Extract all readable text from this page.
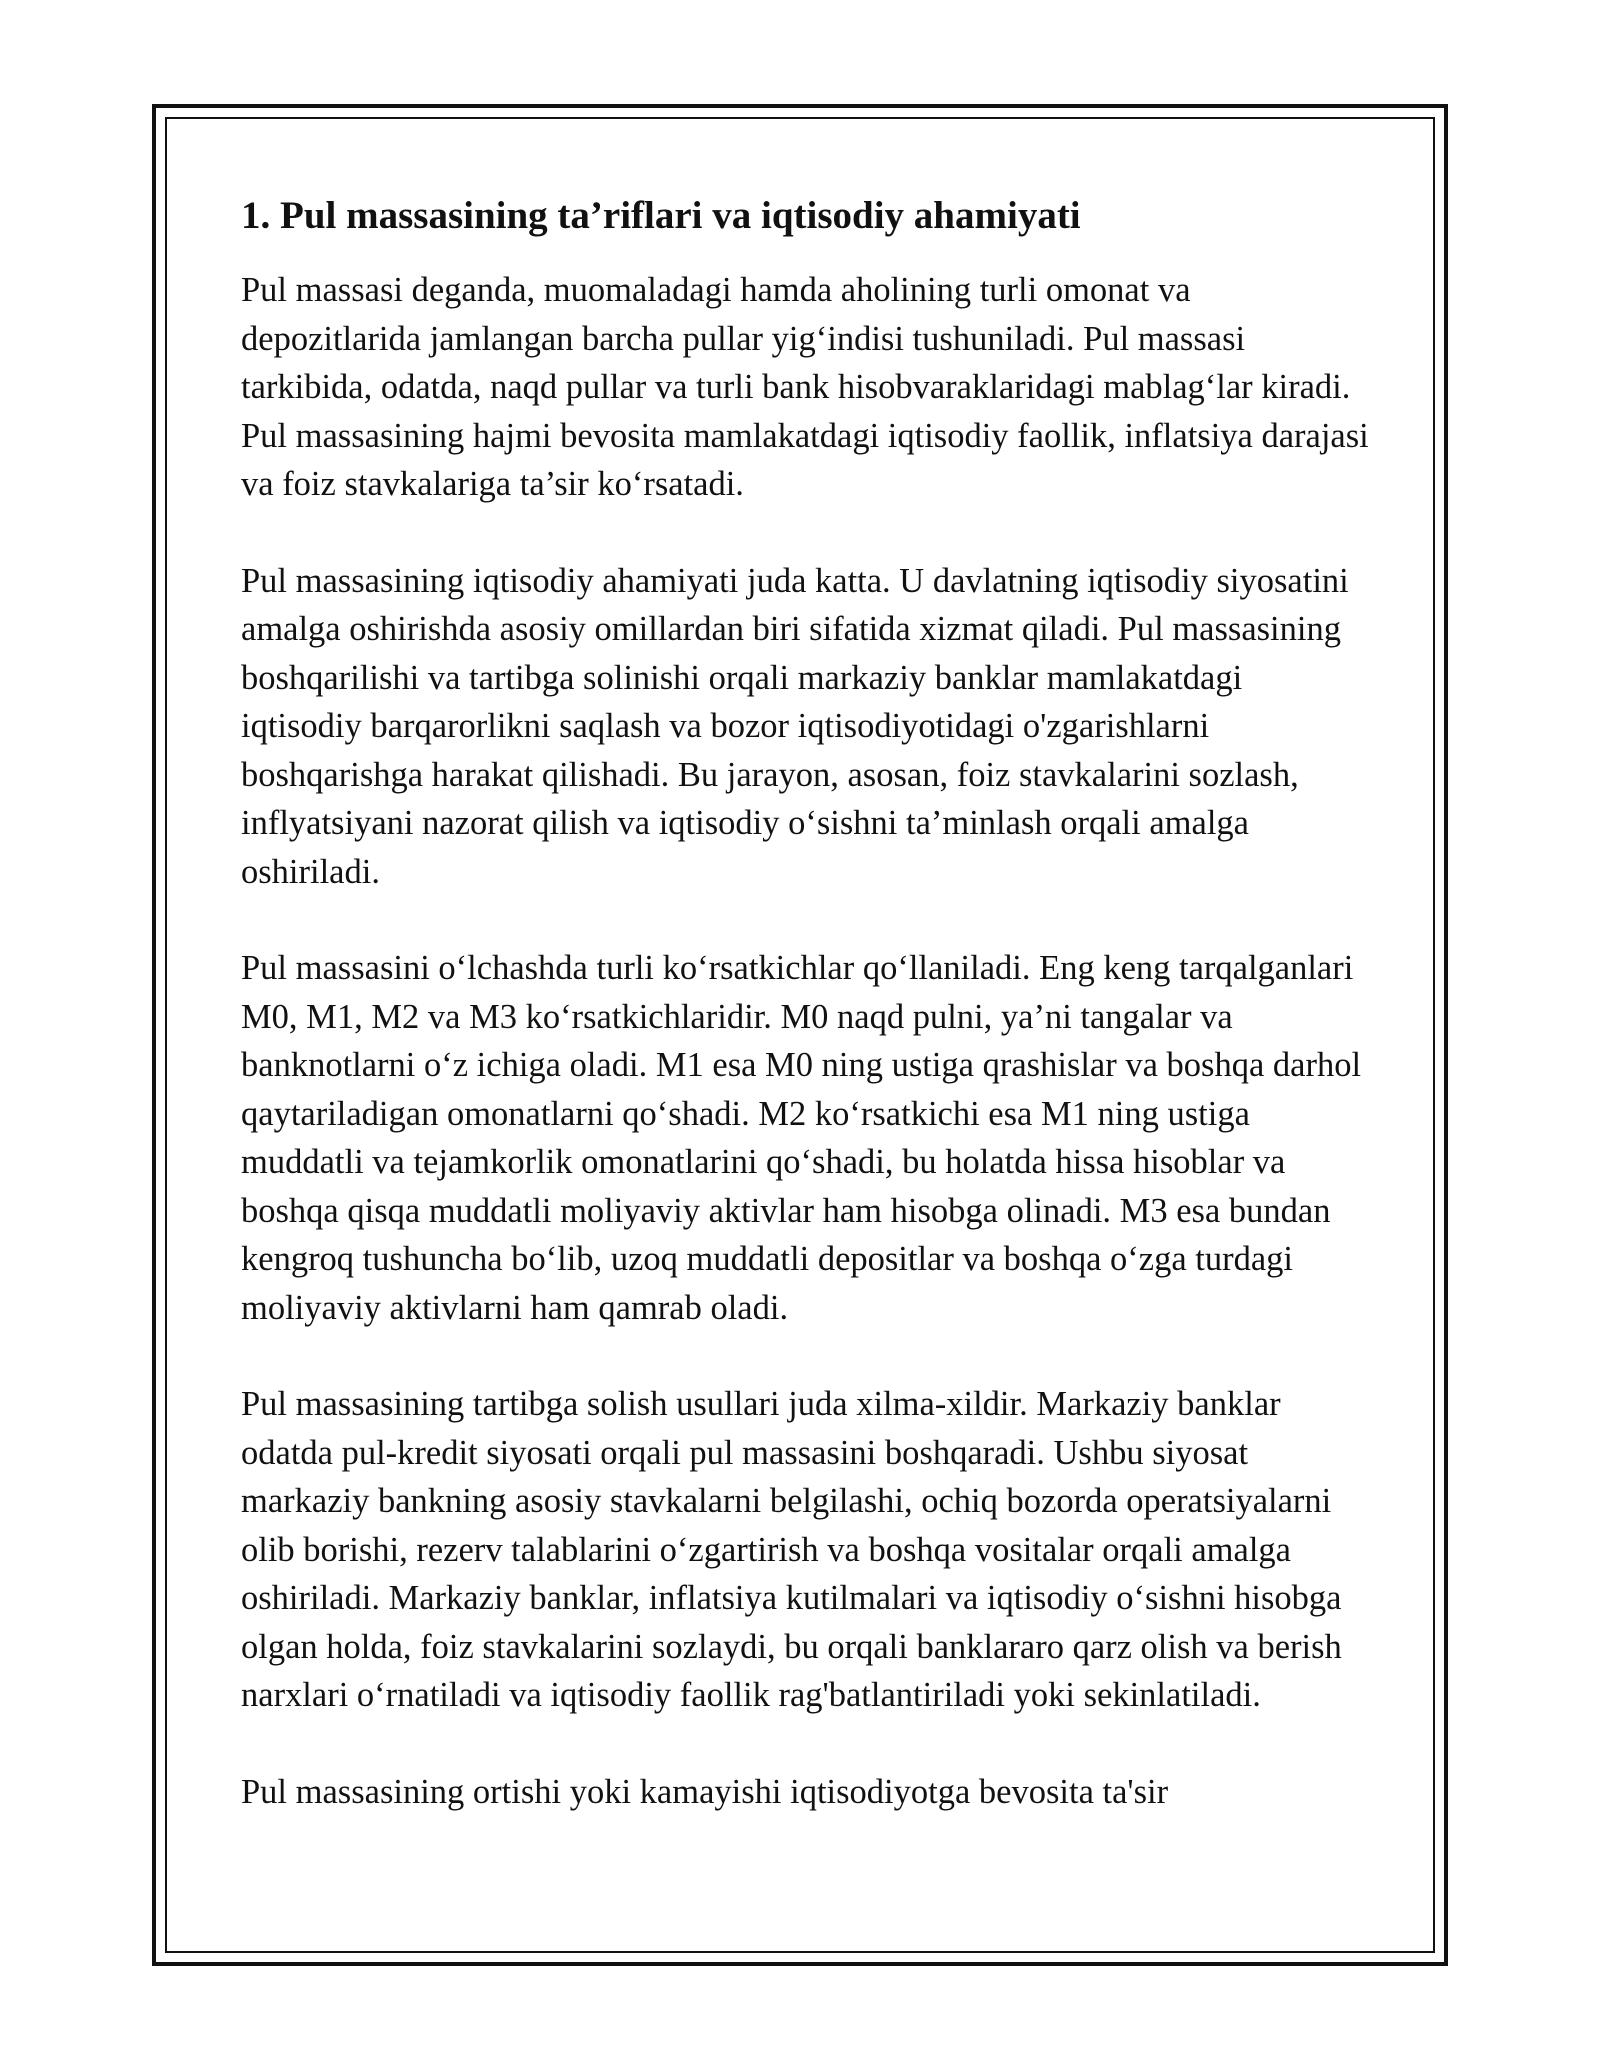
1. Pul massasining ta’riflari va iqtisodiy ahamiyati

Pul massasi deganda, muomaladagi hamda aholining turli omonat va depozitlarida jamlangan barcha pullar yig‘indisi tushuniladi. Pul massasi tarkibida, odatda, naqd pullar va turli bank hisobvaraklaridagi mablag‘lar kiradi. Pul massasining hajmi bevosita mamlakatdagi iqtisodiy faollik, inflatsiya darajasi va foiz stavkalariga ta’sir ko‘rsatadi.

Pul massasining iqtisodiy ahamiyati juda katta. U davlatning iqtisodiy siyosatini amalga oshirishda asosiy omillardan biri sifatida xizmat qiladi. Pul massasining boshqarilishi va tartibga solinishi orqali markaziy banklar mamlakatdagi iqtisodiy barqarorlikni saqlash va bozor iqtisodiyotidagi o'zgarishlarni boshqarishga harakat qilishadi. Bu jarayon, asosan, foiz stavkalarini sozlash, inflyatsiyani nazorat qilish va iqtisodiy o‘sishni ta’minlash orqali amalga oshiriladi.

Pul massasini o‘lchashda turli ko‘rsatkichlar qo‘llaniladi. Eng keng tarqalganlari M0, M1, M2 va M3 ko‘rsatkichlaridir. M0 naqd pulni, ya’ni tangalar va banknotlarni o‘z ichiga oladi. M1 esa M0 ning ustiga qrashislar va boshqa darhol qaytariladigan omonatlarni qo‘shadi. M2 ko‘rsatkichi esa M1 ning ustiga muddatli va tejamkorlik omonatlarini qo‘shadi, bu holatda hissa hisoblar va boshqa qisqa muddatli moliyaviy aktivlar ham hisobga olinadi. M3 esa bundan kengroq tushuncha bo‘lib, uzoq muddatli depositlar va boshqa o‘zga turdagi moliyaviy aktivlarni ham qamrab oladi.

Pul massasining tartibga solish usullari juda xilma-xildir. Markaziy banklar odatda pul-kredit siyosati orqali pul massasini boshqaradi. Ushbu siyosat markaziy bankning asosiy stavkalarni belgilashi, ochiq bozorda operatsiyalarni olib borishi, rezerv talablarini o‘zgartirish va boshqa vositalar orqali amalga oshiriladi. Markaziy banklar, inflatsiya kutilmalari va iqtisodiy o‘sishni hisobga olgan holda, foiz stavkalarini sozlaydi, bu orqali banklararo qarz olish va berish narxlari o‘rnatiladi va iqtisodiy faollik rag'batlantiriladi yoki sekinlatiladi.

Pul massasining ortishi yoki kamayishi iqtisodiyotga bevosita ta'sir
